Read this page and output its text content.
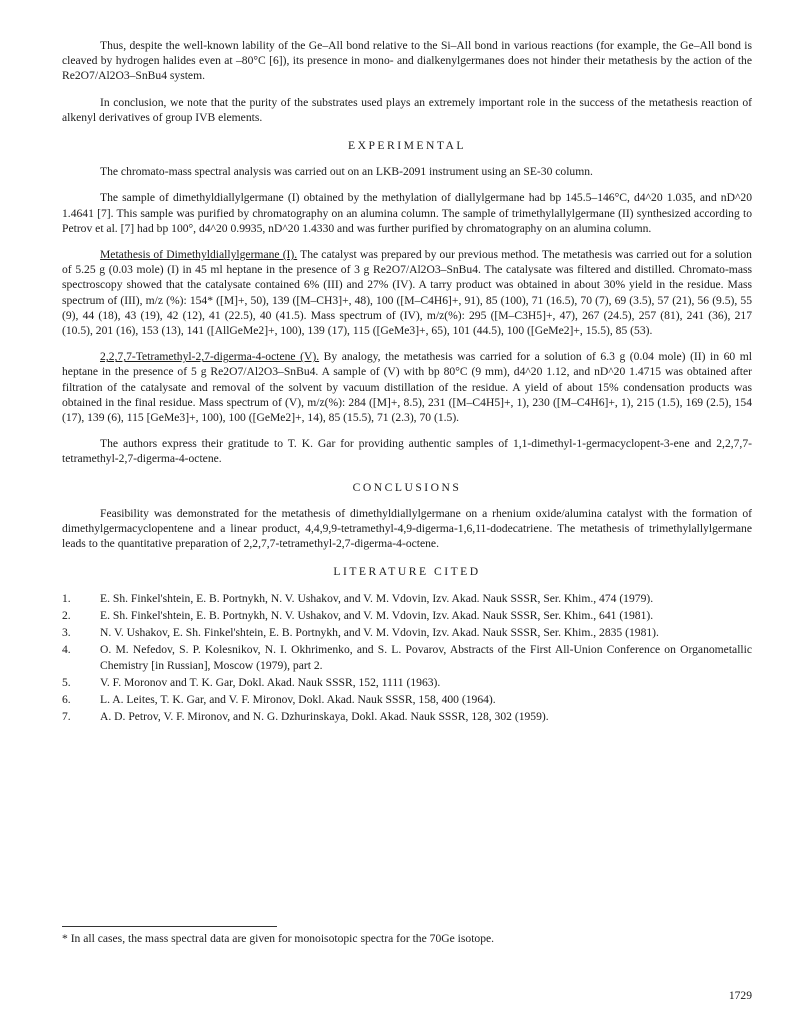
Thus, despite the well-known lability of the Ge–All bond relative to the Si–All bond in various reactions (for example, the Ge–All bond is cleaved by hydrogen halides even at –80°C [6]), its presence in mono- and dialkenylgermanes does not hinder their metathesis by the action of the Re2O7/Al2O3–SnBu4 system.

In conclusion, we note that the purity of the substrates used plays an extremely important role in the success of the metathesis reaction of alkenyl derivatives of group IVB elements.

EXPERIMENTAL

The chromato-mass spectral analysis was carried out on an LKB-2091 instrument using an SE-30 column.

The sample of dimethyldiallylgermane (I) obtained by the methylation of diallylgermane had bp 145.5–146°C, d4^20 1.035, and nD^20 1.4641 [7]. This sample was purified by chromatography on an alumina column. The sample of trimethylallylgermane (II) synthesized according to Petrov et al. [7] had bp 100°, d4^20 0.9935, nD^20 1.4330 and was further purified by chromatography on an alumina column.

Metathesis of Dimethyldiallylgermane (I). The catalyst was prepared by our previous method. The metathesis was carried out for a solution of 5.25 g (0.03 mole) (I) in 45 ml heptane in the presence of 3 g Re2O7/Al2O3–SnBu4. The catalysate was filtered and distilled. Chromato-mass spectroscopy showed that the catalysate contained 6% (III) and 27% (IV). A tarry product was obtained in about 30% yield in the residue. Mass spectrum of (III), m/z (%): 154* ([M]+, 50), 139 ([M–CH3]+, 48), 100 ([M–C4H6]+, 91), 85 (100), 71 (16.5), 70 (7), 69 (3.5), 57 (21), 56 (9.5), 55 (9), 44 (18), 43 (19), 42 (12), 41 (22.5), 40 (41.5). Mass spectrum of (IV), m/z(%): 295 ([M–C3H5]+, 47), 267 (24.5), 257 (81), 241 (36), 217 (10.5), 201 (16), 153 (13), 141 ([AllGeMe2]+, 100), 139 (17), 115 ([GeMe3]+, 65), 101 (44.5), 100 ([GeMe2]+, 15.5), 85 (53).

2,2,7,7-Tetramethyl-2,7-digerma-4-octene (V). By analogy, the metathesis was carried for a solution of 6.3 g (0.04 mole) (II) in 60 ml heptane in the presence of 5 g Re2O7/Al2O3–SnBu4. A sample of (V) with bp 80°C (9 mm), d4^20 1.12, and nD^20 1.4715 was obtained after filtration of the catalysate and removal of the solvent by vacuum distillation of the residue. A yield of about 15% condensation products was obtained in the final residue. Mass spectrum of (V), m/z(%): 284 ([M]+, 8.5), 231 ([M–C4H5]+, 1), 230 ([M–C4H6]+, 1), 215 (1.5), 169 (2.5), 154 (17), 139 (6), 115 [GeMe3]+, 100), 100 ([GeMe2]+, 14), 85 (15.5), 71 (2.3), 70 (1.5).

The authors express their gratitude to T. K. Gar for providing authentic samples of 1,1-dimethyl-1-germacyclopent-3-ene and 2,2,7,7-tetramethyl-2,7-digerma-4-octene.

CONCLUSIONS

Feasibility was demonstrated for the metathesis of dimethyldiallylgermane on a rhenium oxide/alumina catalyst with the formation of dimethylgermacyclopentene and a linear product, 4,4,9,9-tetramethyl-4,9-digerma-1,6,11-dodecatriene. The metathesis of trimethylallylgermane leads to the quantitative preparation of 2,2,7,7-tetramethyl-2,7-digerma-4-octene.

LITERATURE CITED
1.	E. Sh. Finkel'shtein, E. B. Portnykh, N. V. Ushakov, and V. M. Vdovin, Izv. Akad. Nauk SSSR, Ser. Khim., 474 (1979).
2.	E. Sh. Finkel'shtein, E. B. Portnykh, N. V. Ushakov, and V. M. Vdovin, Izv. Akad. Nauk SSSR, Ser. Khim., 641 (1981).
3.	N. V. Ushakov, E. Sh. Finkel'shtein, E. B. Portnykh, and V. M. Vdovin, Izv. Akad. Nauk SSSR, Ser. Khim., 2835 (1981).
4.	O. M. Nefedov, S. P. Kolesnikov, N. I. Okhrimenko, and S. L. Povarov, Abstracts of the First All-Union Conference on Organometallic Chemistry [in Russian], Moscow (1979), part 2.
5.	V. F. Moronov and T. K. Gar, Dokl. Akad. Nauk SSSR, 152, 1111 (1963).
6.	L. A. Leites, T. K. Gar, and V. F. Mironov, Dokl. Akad. Nauk SSSR, 158, 400 (1964).
7.	A. D. Petrov, V. F. Mironov, and N. G. Dzhurinskaya, Dokl. Akad. Nauk SSSR, 128, 302 (1959).

* In all cases, the mass spectral data are given for monoisotopic spectra for the 70Ge isotope.

1729
